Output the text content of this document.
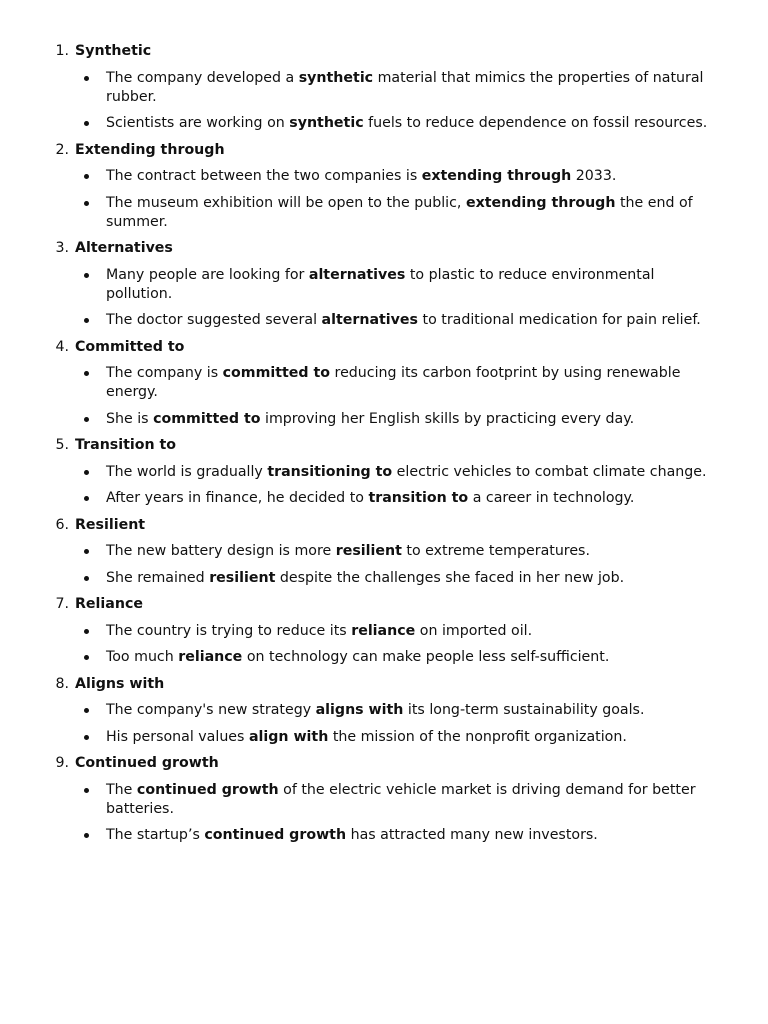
1. Synthetic
The company developed a synthetic material that mimics the properties of natural rubber.
Scientists are working on synthetic fuels to reduce dependence on fossil resources.
2. Extending through
The contract between the two companies is extending through 2033.
The museum exhibition will be open to the public, extending through the end of summer.
3. Alternatives
Many people are looking for alternatives to plastic to reduce environmental pollution.
The doctor suggested several alternatives to traditional medication for pain relief.
4. Committed to
The company is committed to reducing its carbon footprint by using renewable energy.
She is committed to improving her English skills by practicing every day.
5. Transition to
The world is gradually transitioning to electric vehicles to combat climate change.
After years in finance, he decided to transition to a career in technology.
6. Resilient
The new battery design is more resilient to extreme temperatures.
She remained resilient despite the challenges she faced in her new job.
7. Reliance
The country is trying to reduce its reliance on imported oil.
Too much reliance on technology can make people less self-sufficient.
8. Aligns with
The company's new strategy aligns with its long-term sustainability goals.
His personal values align with the mission of the nonprofit organization.
9. Continued growth
The continued growth of the electric vehicle market is driving demand for better batteries.
The startup’s continued growth has attracted many new investors.
